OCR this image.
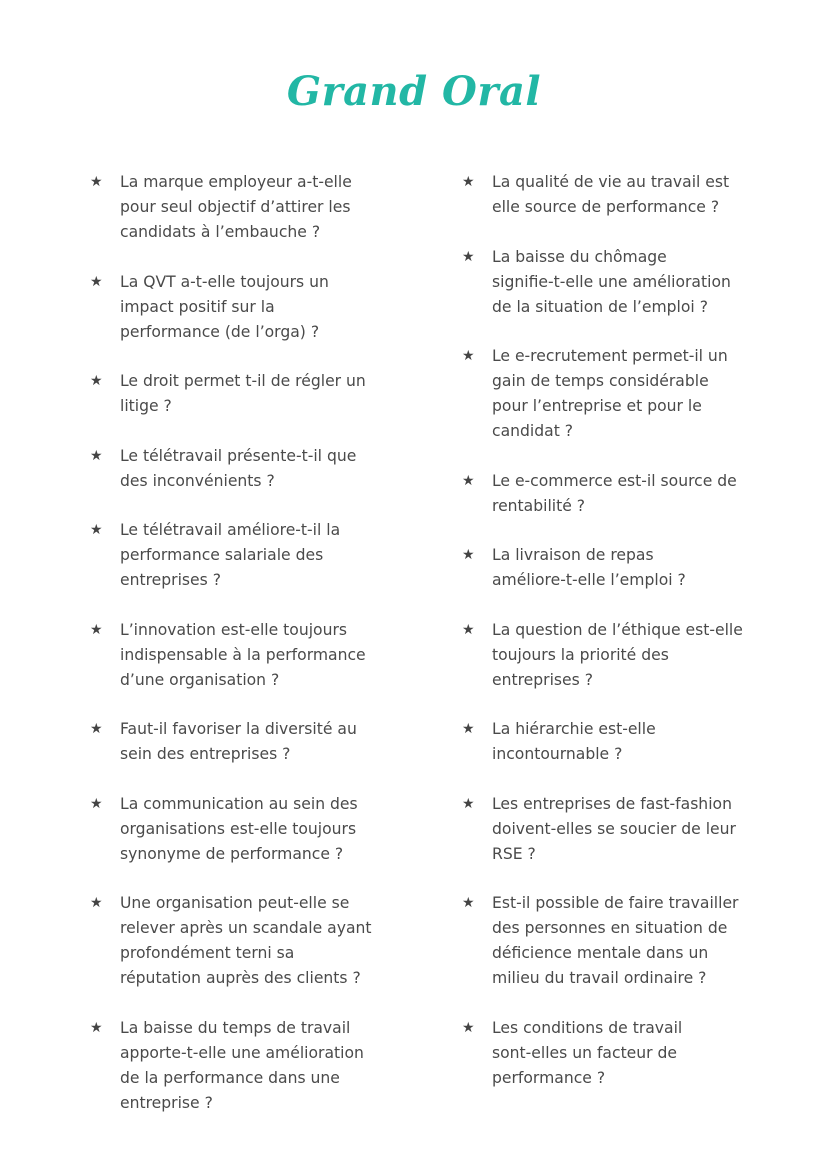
Grand Oral
★	La marque employeur a-t-elle
pour seul objectif d’attirer les
candidats à l’embauche ?
★	La QVT a-t-elle toujours un
impact positif sur la
performance (de l’orga) ?
★	Le droit permet t-il de régler un
litige ?
★	Le télétravail présente-t-il que
des inconvénients ?
★	Le télétravail améliore-t-il la
performance salariale des
entreprises ?
★	L’innovation est-elle toujours
indispensable à la performance
d’une organisation ?
★	Faut-il favoriser la diversité au
sein des entreprises ?
★	La communication au sein des
organisations est-elle toujours
synonyme de performance ?
★	Une organisation peut-elle se
relever après un scandale ayant
profondément terni sa
réputation auprès des clients ?
★	La baisse du temps de travail
apporte-t-elle une amélioration
de la performance dans une
entreprise ?
★	La qualité de vie au travail est
elle source de performance ?
★	La baisse du chômage
signifie-t-elle une amélioration
de la situation de l’emploi ?
★	Le e-recrutement permet-il un
gain de temps considérable
pour l’entreprise et pour le
candidat ?
★	Le e-commerce est-il source de
rentabilité ?
★	La livraison de repas
améliore-t-elle l’emploi ?
★	La question de l’éthique est-elle
toujours la priorité des
entreprises ?
★	La hiérarchie est-elle
incontournable ?
★	Les entreprises de fast-fashion
doivent-elles se soucier de leur
RSE ?
★	Est-il possible de faire travailler
des personnes en situation de
déficience mentale dans un
milieu du travail ordinaire ?
★	Les conditions de travail
sont-elles un facteur de
performance ?
